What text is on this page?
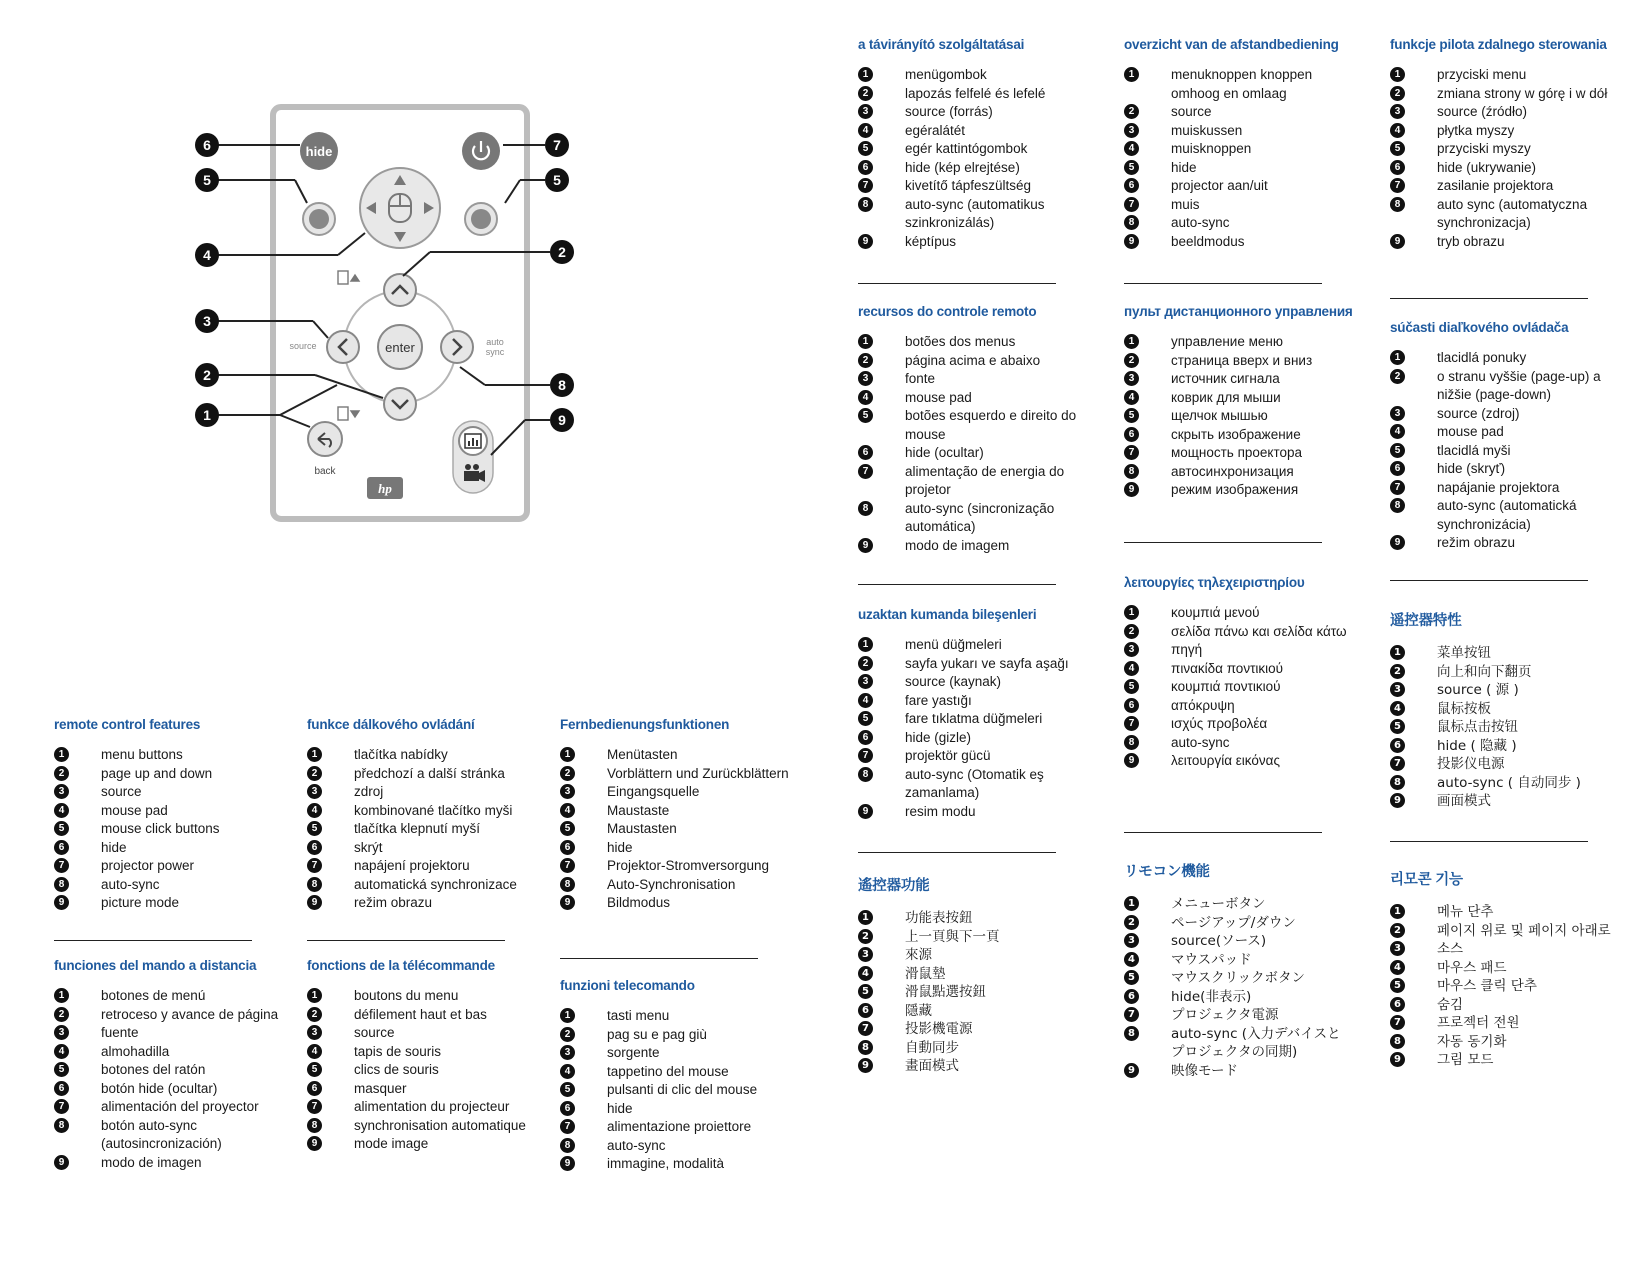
hide
enter
source	auto sync
back
hp
6
5
7
5
4	2
3
2
8
1	9
remote control features
1	menu buttons
2	page up and down
3	source
4	mouse pad
5	mouse click buttons
6	hide
7	projector power
8	auto-sync
9	picture mode
funciones del mando a distancia
1	botones de menú
2	retroceso y avance de página
3	fuente
4	almohadilla
5	botones del ratón
6	botón hide (ocultar)
7	alimentación del proyector
8	botón auto-sync (autosincronización)
9	modo de imagen
funkce dálkového ovládání
1	tlačítka nabídky
2	předchozí a další stránka
3	zdroj
4	kombinované tlačítko myši
5	tlačítka klepnutí myší
6	skrýt
7	napájení projektoru
8	automatická synchronizace
9	režim obrazu
fonctions de la télécommande
1	boutons du menu
2	défilement haut et bas
3	source
4	tapis de souris
5	clics de souris
6	masquer
7	alimentation du projecteur
8	synchronisation automatique
9	mode image
Fernbedienungsfunktionen
1	Menütasten
2	Vorblättern und Zurückblättern
3	Eingangsquelle
4	Maustaste
5	Maustasten
6	hide
7	Projektor-Stromversorgung
8	Auto-Synchronisation
9	Bildmodus
funzioni telecomando
1	tasti menu
2	pag su e pag giù
3	sorgente
4	tappetino del mouse
5	pulsanti di clic del mouse
6	hide
7	alimentazione proiettore
8	auto-sync
9	immagine, modalità
a távirányító szolgáltatásai
1	menügombok
2	lapozás felfelé és lefelé
3	source (forrás)
4	egéralátét
5	egér kattintógombok
6	hide (kép elrejtése)
7	kivetítő tápfeszültség
8	auto-sync (automatikus szinkronizálás)
9	képtípus
recursos do controle remoto
1	botões dos menus
2	página acima e abaixo
3	fonte
4	mouse pad
5	botões esquerdo e direito do mouse
6	hide (ocultar)
7	alimentação de energia do projetor
8	auto-sync (sincronização automática)
9	modo de imagem
uzaktan kumanda bileşenleri
1	menü düğmeleri
2	sayfa yukarı ve sayfa aşağı
3	source (kaynak)
4	fare yastığı
5	fare tıklatma düğmeleri
6	hide (gizle)
7	projektör gücü
8	auto-sync (Otomatik eş zamanlama)
9	resim modu
遙控器功能
1	功能表按鈕
2	上一頁與下一頁
3	來源
4	滑鼠墊
5	滑鼠點選按鈕
6	隱藏
7	投影機電源
8	自動同步
9	畫面模式
overzicht van de afstandbediening
1	menuknoppen knoppen omhoog en omlaag
2	source
3	muiskussen
4	muisknoppen
5	hide
6	projector aan/uit
7	muis
8	auto-sync
9	beeldmodus
пульт дистанционного управления
1	управление меню
2	страница вверх и вниз
3	источник сигнала
4	коврик для мыши
5	щелчок мышью
6	скрыть изображение
7	мощность проектора
8	автосинхронизация
9	режим изображения
λειτουργίες τηλεχειριστηρίου
1	κουμπιά μενού
2	σελίδα πάνω και σελίδα κάτω
3	πηγή
4	πινακίδα ποντικιού
5	κουμπιά ποντικιού
6	απόκρυψη
7	ισχύς προβολέα
8	auto-sync
9	λειτουργία εικόνας
リモコン機能
1	メニューボタン
2	ページアップ/ダウン
3	source(ソース)
4	マウスパッド
5	マウスクリックボタン
6	hide(非表示)
7	プロジェクタ電源
8	auto-sync (入力デバイスとプロジェクタの同期)
9	映像モード
funkcje pilota zdalnego sterowania
1	przyciski menu
2	zmiana strony w górę i w dół
3	source (źródło)
4	płytka myszy
5	przyciski myszy
6	hide (ukrywanie)
7	zasilanie projektora
8	auto sync (automatyczna synchronizacja)
9	tryb obrazu
súčasti diaľkového ovládača
1	tlacidlá ponuky
2	o stranu vyššie (page-up) a nižšie (page-down)
3	source (zdroj)
4	mouse pad
5	tlacidlá myši
6	hide (skryť)
7	napájanie projektora
8	auto-sync (automatická synchronizácia)
9	režim obrazu
遥控器特性
1	菜单按钮
2	向上和向下翻页
3	source ( 源 )
4	鼠标按板
5	鼠标点击按钮
6	hide ( 隐藏 )
7	投影仪电源
8	auto-sync ( 自动同步 )
9	画面模式
리모콘 기능
1	메뉴 단추
2	페이지 위로 및 페이지 아래로
3	소스
4	마우스 패드
5	마우스 클릭 단추
6	숨김
7	프로젝터 전원
8	자동 동기화
9	그림 모드
